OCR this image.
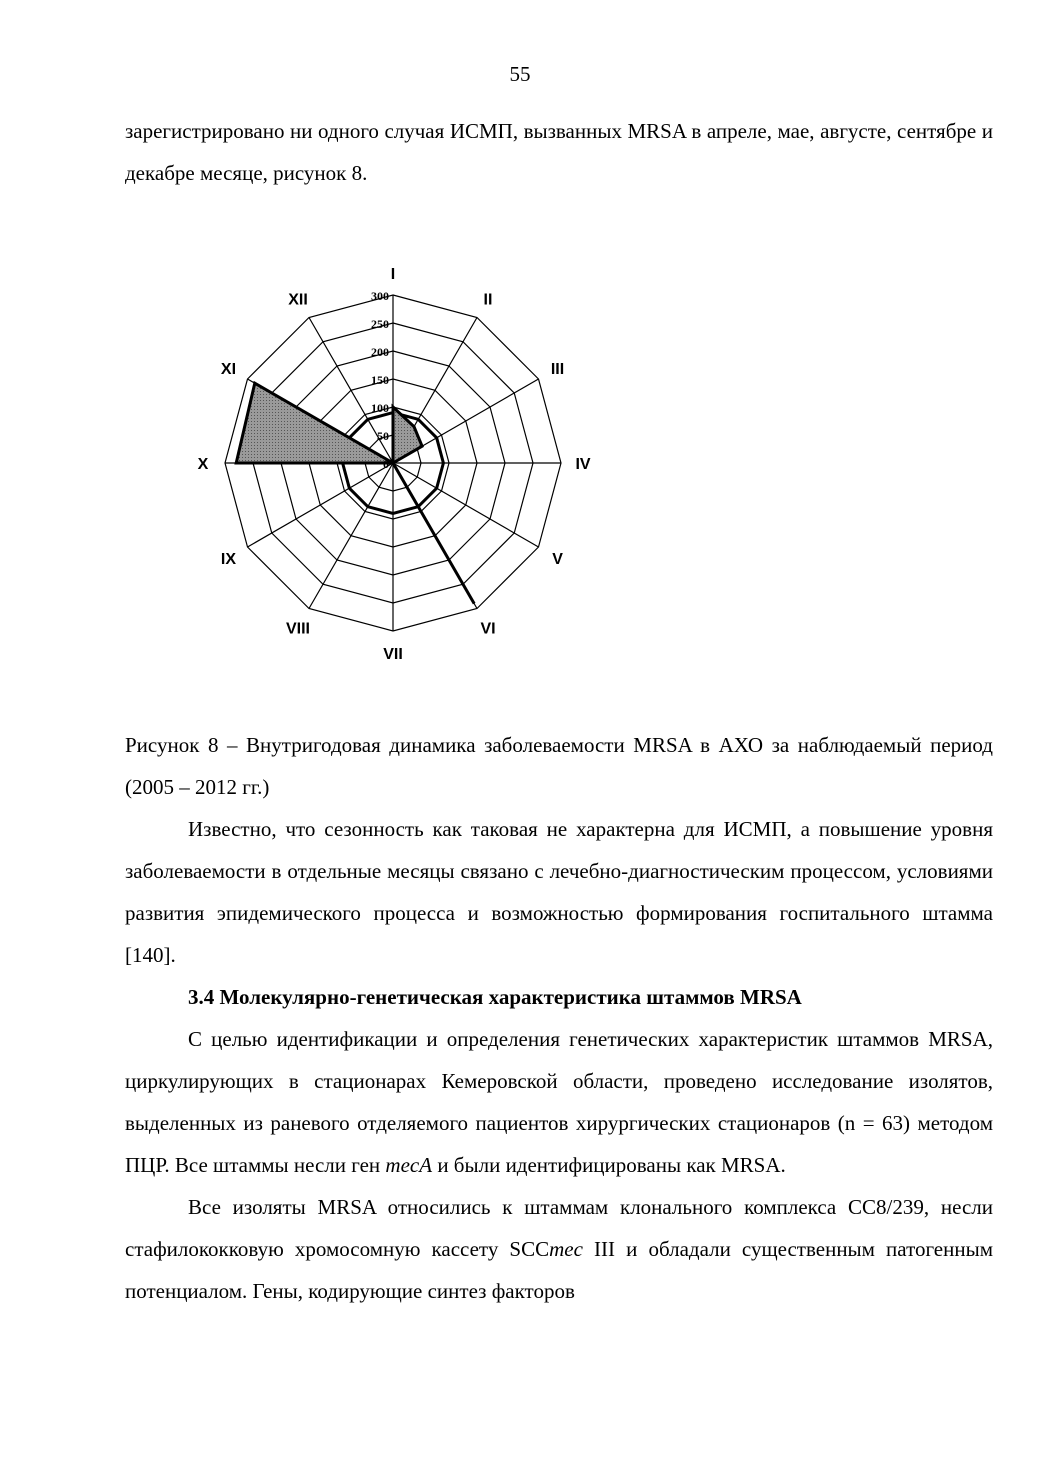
55

зарегистрировано ни одного случая ИСМП, вызванных MRSA в апреле, мае, августе, сентябре и декабре месяце, рисунок 8.

0
50
100
150
200
250
300
I
II
III
IV
V
VI
VII
VIII
IX
X
XI
XII

Рисунок 8 – Внутригодовая динамика заболеваемости MRSA в АХО за наблюдаемый период (2005 – 2012 гг.)

Известно, что сезонность как таковая не характерна для ИСМП, а повышение уровня заболеваемости в отдельные месяцы связано с лечебно-диагностическим процессом, условиями развития эпидемического процесса и возможностью формирования госпитального штамма [140].

3.4 Молекулярно-генетическая характеристика штаммов MRSA

С целью идентификации и определения генетических характеристик штаммов MRSA, циркулирующих в стационарах Кемеровской области, проведено исследование изолятов, выделенных из раневого отделяемого пациентов хирургических стационаров (n = 63) методом ПЦР. Все штаммы несли ген mecA и были идентифицированы как MRSA.

Все изоляты MRSA относились к штаммам клонального комплекса СС8/239, несли стафилококковую хромосомную кассету SCCmec III и обладали существенным патогенным потенциалом. Гены, кодирующие синтез факторов
